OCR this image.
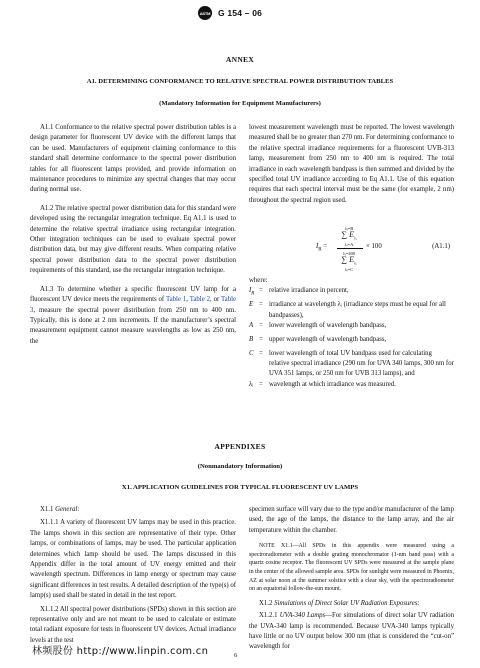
ASTM G 154 – 06
ANNEX
A1. DETERMINING CONFORMANCE TO RELATIVE SPECTRAL POWER DISTRIBUTION TABLES
(Mandatory Information for Equipment Manufacturers)

A1.1 Conformance to the relative spectral power distribution tables is a design parameter for fluorescent UV device with the different lamps that can be used. Manufacturers of equipment claiming conformance to this standard shall determine conformance to the spectral power distribution tables for all fluorescent lamps provided, and provide information on maintenance procedures to minimize any spectral changes that may occur during normal use.

A1.2 The relative spectral power distribution data for this standard were developed using the rectangular integration technique. Eq A1.1 is used to determine the relative spectral irradiance using rectangular integration. Other integration techniques can be used to evaluate spectral power distribution data, but may give different results. When comparing relative spectral power distribution data to the spectral power distribution requirements of this standard, use the rectangular integration technique.

A1.3 To determine whether a specific fluorescent UV lamp for a fluorescent UV device meets the requirements of Table 1, Table 2, or Table 3, measure the spectral power distribution from 250 nm to 400 nm. Typically, this is done at 2 nm increments. If the manufacturer’s spectral measurement equipment cannot measure wavelengths as low as 250 nm, the

lowest measurement wavelength must be reported. The lowest wavelength measured shall be no greater than 270 nm. For determining conformance to the relative spectral irradiance requirements for a fluorescent UVB-313 lamp, measurement from 250 nm to 400 nm is required. The total irradiance in each wavelength bandpass is then summed and divided by the specified total UV irradiance according to Eq A1.1. Use of this equation requires that each spectral interval must be the same (for example, 2 nm) throughout the spectral region used.

$I_R$ =
λᵢ=B
∑ $E_{\lambda ᵢ}$
λᵢ=A
λᵢ=400
∑ $E_{\lambda ᵢ}$
λᵢ=C
× 100	(A1.1)

where:

$I_R$ = relative irradiance in percent,
E = irradiance at wavelength λᵢ (irradiance steps must be equal for all bandpasses),
A = lower wavelength of wavelength bandpass,
B = upper wavelength of wavelength bandpass,
C = lower wavelength of total UV bandpass used for calculating relative spectral irradiance (290 nm for UVA 340 lamps, 300 nm for UVA 351 lamps, or 250 nm for UVB 313 lamps), and
λᵢ = wavelength at which irradiance was measured.
APPENDIXES
(Nonmandatory Information)
X1. APPLICATION GUIDELINES FOR TYPICAL FLUORESCENT UV LAMPS

X1.1 General:

X1.1.1 A variety of fluorescent UV lamps may be used in this practice. The lamps shown in this section are representative of their type. Other lamps, or combinations of lamps, may be used. The particular application determines which lamp should be used. The lamps discussed in this Appendix differ in the total amount of UV energy emitted and their wavelength spectrum. Differences in lamp energy or spectrum may cause significant differences in test results. A detailed description of the type(s) of lamp(s) used shall be stated in detail in the test report.

X1.1.2 All spectral power distributions (SPDs) shown in this section are representative only and are not meant to be used to calculate or estimate total radiant exposure for tests in fluorescent UV devices. Actual irradiance levels at the test

specimen surface will vary due to the type and/or manufacturer of the lamp used, the age of the lamps, the distance to the lamp array, and the air temperature within the chamber.

NOTE X1.1—All SPDs in this appendix were measured using a spectroradiometer with a double grating monochromator (1-nm band pass) with a quartz cosine receptor. The fluorescent UV SPDs were measured at the sample plane in the center of the allowed sample area. SPDs for sunlight were measured in Phoenix, AZ at solar noon at the summer solstice with a clear sky, with the spectroradiometer on an equatorial follow-the-sun mount.

X1.2 Simulations of Direct Solar UV Radiation Exposures:

X1.2.1 UVA-340 Lamps—For simulations of direct solar UV radiation the UVA-340 lamp is recommended. Because UVA-340 lamps typically have little or no UV output below 300 nm (that is considered the “cut-on” wavelength for

林频股份 http://www.linpin.com.cn	6
